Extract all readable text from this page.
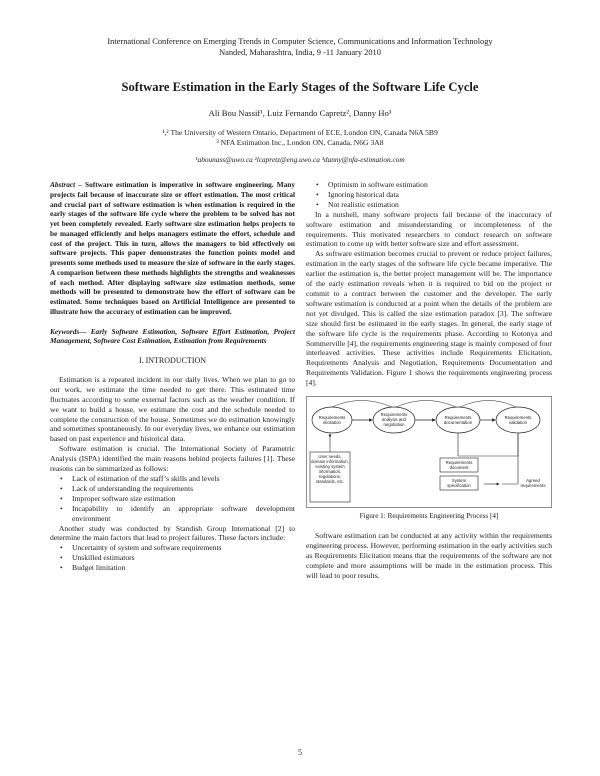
International Conference on Emerging Trends in Computer Science, Communications and Information Technology
Nanded, Maharashtra, India, 9 -11 January 2010
Software Estimation in the Early Stages of the Software Life Cycle
Ali Bou Nassif¹, Luiz Fernando Capretz², Danny Ho³
¹,² The University of Western Ontario, Department of ECE, London ON, Canada N6A 5B9
³ NFA Estimation Inc., London ON, Canada, N6G 3A8
¹abounass@uwo.ca ²lcapretz@eng.uwo.ca ³danny@nfa-estimation.com
Abstract – Software estimation is imperative in software engineering. Many projects fail because of inaccurate size or effort estimation. The most critical and crucial part of software estimation is when estimation is required in the early stages of the software life cycle where the problem to be solved has not yet been completely revealed. Early software size estimation helps projects to be managed efficiently and helps managers estimate the effort, schedule and cost of the project. This in turn, allows the managers to bid effectively on software projects. This paper demonstrates the function points model and presents some methods used to measure the size of software in the early stages. A comparison between these methods highlights the strengths and weaknesses of each method. After displaying software size estimation methods, some methods will be presented to demonstrate how the effort of software can be estimated. Some techniques based on Artificial Intelligence are presented to illustrate how the accuracy of estimation can be improved.
Keywords— Early Software Estimation, Software Effort Estimation, Project Management, Software Cost Estimation, Estimation from Requirements
I. INTRODUCTION

Estimation is a repeated incident in our daily lives. When we plan to go to our work, we estimate the time needed to get there. This estimated time fluctuates according to some external factors such as the weather condition. If we want to build a house, we estimate the cost and the schedule needed to complete the construction of the house. Sometimes we do estimation knowingly and sometimes spontaneously. In our everyday lives, we enhance our estimation based on past experience and historical data.

Software estimation is crucial. The International Society of Parametric Analysis (ISPA) identified the main reasons behind projects failures [1]. These reasons can be summarized as follows:

• Lack of estimation of the staff’s skills and levels
• Lack of understanding the requirements
• Improper software size estimation
• Incapability to identify an appropriate software development environment

Another study was conducted by Standish Group International [2] to determine the main factors that lead to project failures. These factors include:

• Uncertainty of system and software requirements
• Unskilled estimators
• Budget limitation
• Optimism in software estimation
• Ignoring historical data
• Not realistic estimation

In a nutshell, many software projects fail because of the inaccuracy of software estimation and misunderstanding or incompleteness of the requirements. This motivated researchers to conduct research on software estimation to come up with better software size and effort assessment.

As software estimation becomes crucial to prevent or reduce project failures, estimation in the early stages of the software life cycle became imperative. The earlier the estimation is, the better project management will be. The importance of the early estimation reveals when it is required to bid on the project or commit to a contract between the customer and the developer. The early software estimation is conducted at a point when the details of the problem are not yet divulged. This is called the size estimation paradox [3]. The software size should first be estimated in the early stages. In general, the early stage of the software life cycle is the requirements phase. According to Kotonya and Sommerville [4], the requirements engineering stage is mainly composed of four interleaved activities. These activities include Requirements Elicitation, Requirements Analysis and Negotiation, Requirements Documentation and Requirements Validation. Figure 1 shows the requirements engineering process [4].

Requirements elicitation
Requirements analysis and negotiation
Requirements documentation
Requirements validation
User needs, domain information, existing system information, regulations, standards, etc.
Requirements document
System specification
Agreed requirements
Figure 1: Requirements Engineering Process [4]

Software estimation can be conducted at any activity within the requirements engineering process. However, performing estimation in the early activities such as Requirements Elicitation means that the requirements of the software are not complete and more assumptions will be made in the estimation process. This will lead to poor results.

5
